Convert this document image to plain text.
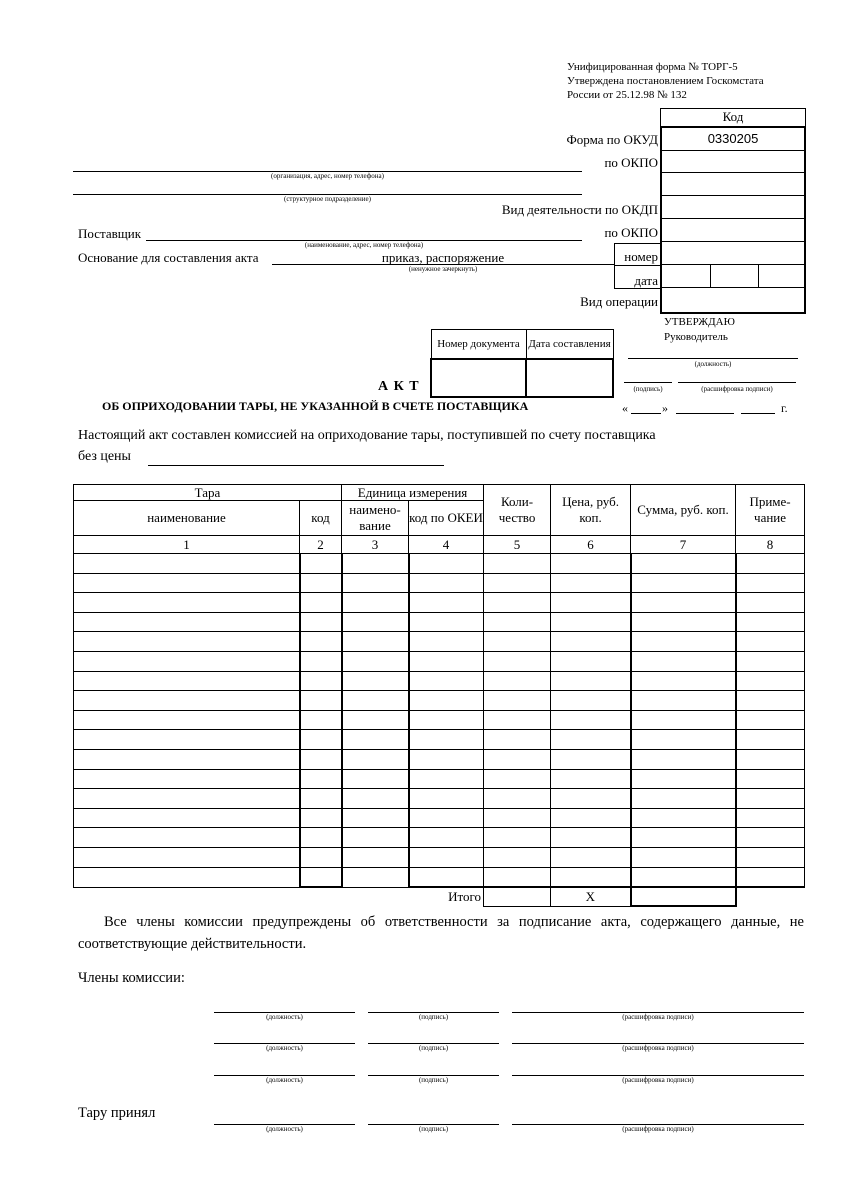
Унифицированная форма № ТОРГ-5
Утверждена постановлением Госкомстата
России от 25.12.98 № 132
Код
0330205
Форма по ОКУД
по ОКПО
Вид деятельности по ОКДП
по ОКПО
номер
дата
Вид операции
(организация, адрес, номер телефона)
(структурное подразделение)
Поставщик
(наименование, адрес, номер телефона)
Основание для составления акта	приказ, распоряжение
(ненужное зачеркнуть)
УТВЕРЖДАЮ
Руководитель
(должность)
(подпись)	(расшифровка подписи)
«	»	г.
Номер документа	Дата составления

А К Т
ОБ ОПРИХОДОВАНИИ ТАРЫ, НЕ УКАЗАННОЙ В СЧЕТЕ ПОСТАВЩИКА
Настоящий акт составлен комиссией на оприходование тары, поступившей по счету поставщика
без цены
Тара		Единица измерения		Коли-чество	Цена, руб. коп.	Сумма, руб. коп.	Приме-чание
наименование	код	наимено-вание	код по ОКЕИ				
1	2	3	4	5	6	7	8

Итого					Х		
Все члены комиссии предупреждены об ответственности за подписание акта, содержащего данные, не соответствующие действительности.
Члены комиссии:
Тару принял
(должность)	(подпись)	(расшифровка подписи)
(должность)	(подпись)	(расшифровка подписи)
(должность)	(подпись)	(расшифровка подписи)
(должность)	(подпись)	(расшифровка подписи)
